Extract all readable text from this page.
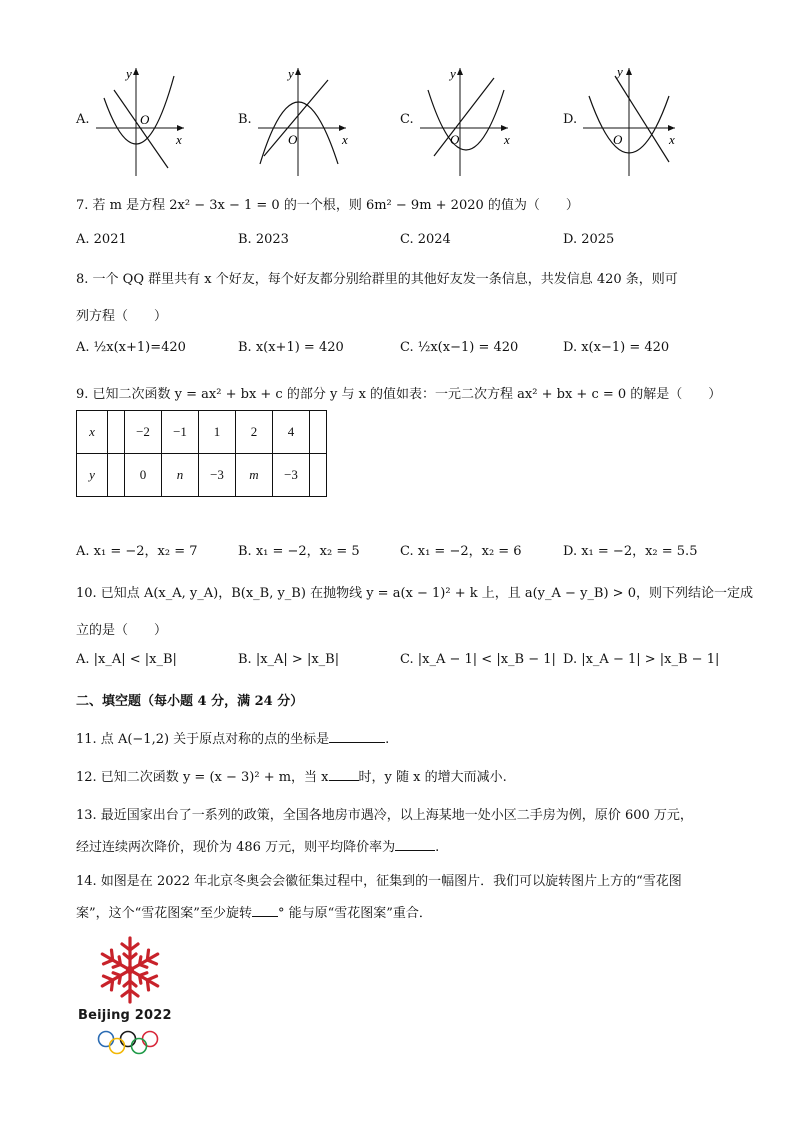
A.	B.	C.	D.
y
O
x
y
O	x
y
O	x
y
O	x
7. 若 m 是方程 2x² − 3x − 1 = 0 的一个根，则 6m² − 9m + 2020 的值为（　　）
A. 2021	B. 2023	C. 2024	D. 2025
8. 一个 QQ 群里共有 x 个好友，每个好友都分别给群里的其他好友发一条信息，共发信息 420 条，则可
列方程（　　）
A. ½x(x+1)=420	B. x(x+1) = 420	C. ½x(x−1) = 420	D. x(x−1) = 420
9. 已知二次函数 y = ax² + bx + c 的部分 y 与 x 的值如表：一元二次方程 ax² + bx + c = 0 的解是（　　）
x		−2	−1	1	2	4	
y		0	n	−3	m	−3	
A. x₁ = −2，x₂ = 7	B. x₁ = −2，x₂ = 5	C. x₁ = −2，x₂ = 6	D. x₁ = −2，x₂ = 5.5
10. 已知点 A(x_A, y_A)，B(x_B, y_B) 在抛物线 y = a(x − 1)² + k 上，且 a(y_A − y_B) > 0，则下列结论一定成
立的是（　　）
A. |x_A| < |x_B|	B. |x_A| > |x_B|	C. |x_A − 1| < |x_B − 1| D. |x_A − 1| > |x_B − 1|
二、填空题（每小题 4 分，满 24 分）
11. 点 A(−1,2) 关于原点对称的点的坐标是	.
12. 已知二次函数 y = (x − 3)² + m，当 x 时，y 随 x 的增大而减小.
13. 最近国家出台了一系列的政策，全国各地房市遇冷，以上海某地一处小区二手房为例，原价 600 万元，
经过连续两次降价，现价为 486 万元，则平均降价率为	.
14. 如图是在 2022 年北京冬奥会会徽征集过程中，征集到的一幅图片．我们可以旋转图片上方的“雪花图
案”，这个“雪花图案”至少旋转 ° 能与原“雪花图案”重合．
Beijing 2022
